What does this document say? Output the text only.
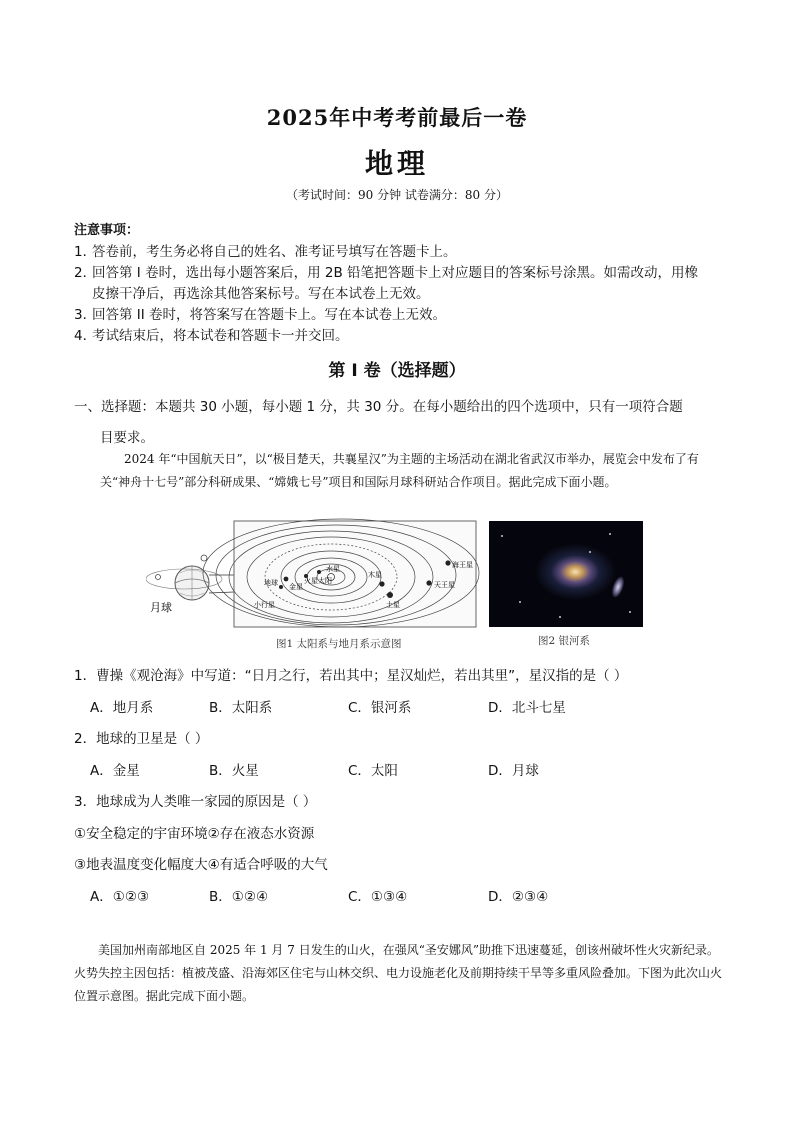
2025年中考考前最后一卷
地理
（考试时间：90 分钟 试卷满分：80 分）
注意事项：
1．答卷前，考生务必将自己的姓名、准考证号填写在答题卡上。
2．回答第 I 卷时，选出每小题答案后，用 2B 铅笔把答题卡上对应题目的答案标号涂黑。如需改动，用橡
皮擦干净后，再选涂其他答案标号。写在本试卷上无效。
3．回答第 II 卷时，将答案写在答题卡上。写在本试卷上无效。
4．考试结束后，将本试卷和答题卡一并交回。
第 I 卷（选择题）
一、选择题：本题共 30 小题，每小题 1 分，共 30 分。在每小题给出的四个选项中，只有一项符合题
目要求。
2024 年“中国航天日”，以“极目楚天，共襄星汉”为主题的主场活动在湖北省武汉市举办，展览会中发布了有关“神舟十七号”部分科研成果、“嫦娥七号”项目和国际月球科研站合作项目。据此完成下面小题。
水星
太阳
金星
地球	火星
土星
木星
天王星
海王星
小行星
月球
图1 太阳系与地月系示意图	图2 银河系
1．曹操《观沧海》中写道：“日月之行，若出其中；星汉灿烂，若出其里”，星汉指的是（ ）
A．地月系	B．太阳系	C．银河系	D．北斗七星
2．地球的卫星是（ ）
A．金星	B．火星	C．太阳	D．月球
3．地球成为人类唯一家园的原因是（ ）
①安全稳定的宇宙环境②存在液态水资源
③地表温度变化幅度大④有适合呼吸的大气
A．①②③	B．①②④	C．①③④	D．②③④
美国加州南部地区自 2025 年 1 月 7 日发生的山火，在强风“圣安娜风”助推下迅速蔓延，创该州破坏性火灾新纪录。火势失控主因包括：植被茂盛、沿海郊区住宅与山林交织、电力设施老化及前期持续干旱等多重风险叠加。下图为此次山火位置示意图。据此完成下面小题。
